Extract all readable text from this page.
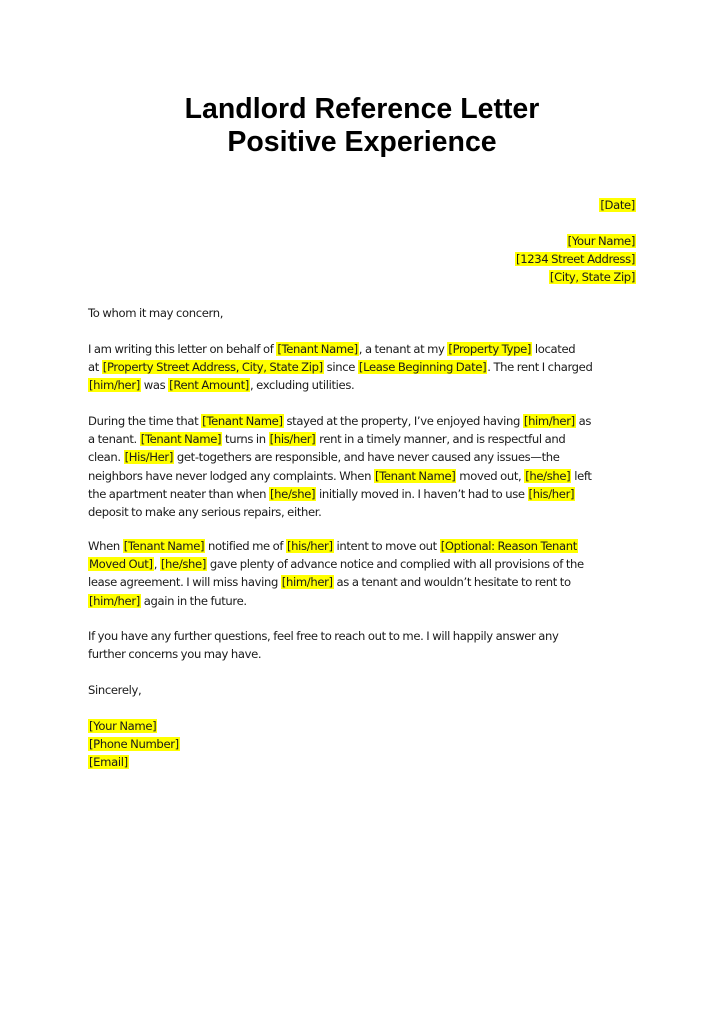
Landlord Reference Letter
Positive Experience
[Date]
[Your Name]
[1234 Street Address]
[City, State Zip]
To whom it may concern,
I am writing this letter on behalf of [Tenant Name], a tenant at my [Property Type] located
at [Property Street Address, City, State Zip] since [Lease Beginning Date]. The rent I charged
[him/her] was [Rent Amount], excluding utilities.
During the time that [Tenant Name] stayed at the property, I’ve enjoyed having [him/her] as
a tenant. [Tenant Name] turns in [his/her] rent in a timely manner, and is respectful and
clean. [His/Her] get-togethers are responsible, and have never caused any issues—the
neighbors have never lodged any complaints. When [Tenant Name] moved out, [he/she] left
the apartment neater than when [he/she] initially moved in. I haven’t had to use [his/her]
deposit to make any serious repairs, either.
When [Tenant Name] notified me of [his/her] intent to move out [Optional: Reason Tenant
Moved Out], [he/she] gave plenty of advance notice and complied with all provisions of the
lease agreement. I will miss having [him/her] as a tenant and wouldn’t hesitate to rent to
[him/her] again in the future.
If you have any further questions, feel free to reach out to me. I will happily answer any
further concerns you may have.
Sincerely,
[Your Name]
[Phone Number]
[Email]
